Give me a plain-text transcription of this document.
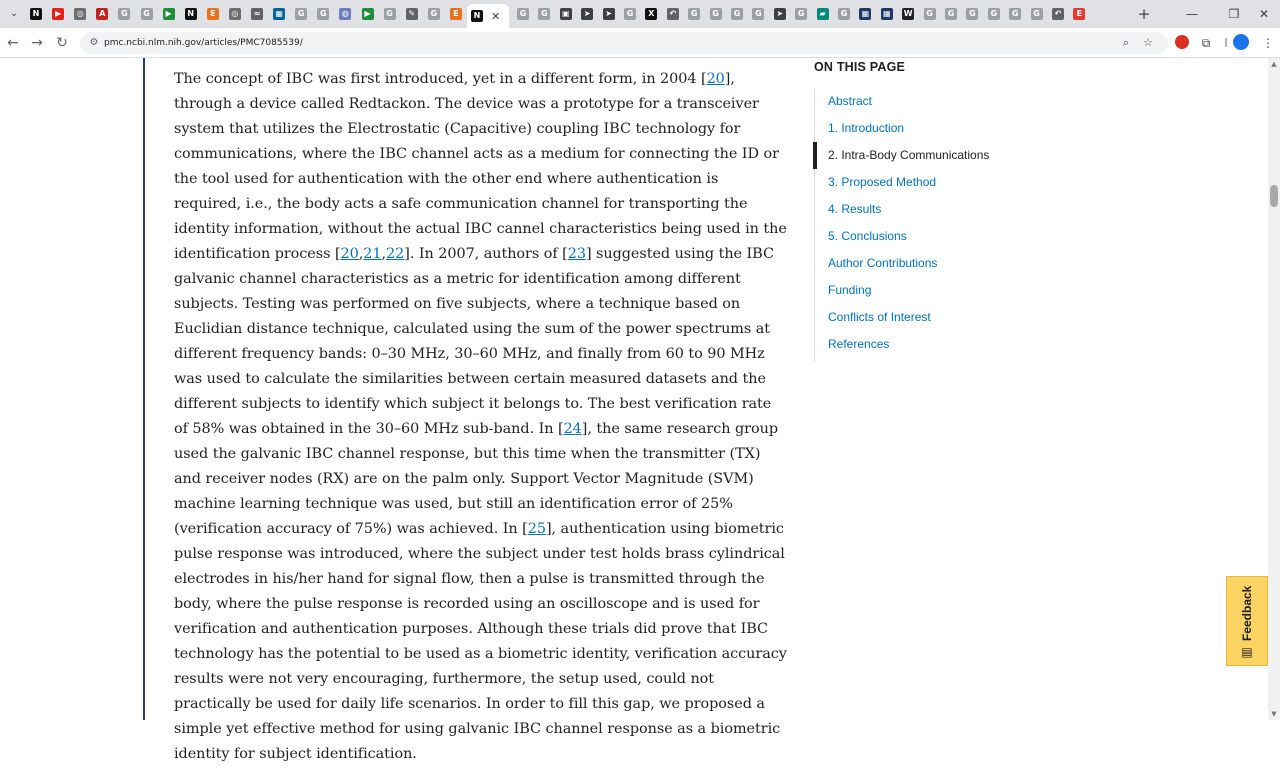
⌄	N	▶	◎	A	G	G	▶	N	E	◎	≈	▦	G	G	◍	▶	G	✎	G	E	N ✕	G	G	▣	➤	➤	G	X	↶	G	G	G	G	➤	G	▰	G	▦ ▦ W	G	G	G	G	G	G	↶	E	+	—	❐	✕
← → ↻	⚙ pmc.ncbi.nlm.nih.gov/articles/PMC7085539/	⌕	☆	⧉	|	⋮

The concept of IBC was first introduced, yet in a different form, in 2004 [20], through a device called Redtackon. The device was a prototype for a transceiver system that utilizes the Electrostatic (Capacitive) coupling IBC technology for communications, where the IBC channel acts as a medium for connecting the ID or the tool used for authentication with the other end where authentication is required, i.e., the body acts a safe communication channel for transporting the identity information, without the actual IBC cannel characteristics being used in the identification process [20,21,22]. In 2007, authors of [23] suggested using the IBC galvanic channel characteristics as a metric for identification among different subjects. Testing was performed on five subjects, where a technique based on Euclidian distance technique, calculated using the sum of the power spectrums at different frequency bands: 0–30 MHz, 30–60 MHz, and finally from 60 to 90 MHz was used to calculate the similarities between certain measured datasets and the different subjects to identify which subject it belongs to. The best verification rate of 58% was obtained in the 30–60 MHz sub-band. In [24], the same research group used the galvanic IBC channel response, but this time when the transmitter (TX) and receiver nodes (RX) are on the palm only. Support Vector Magnitude (SVM) machine learning technique was used, but still an identification error of 25% (verification accuracy of 75%) was achieved. In [25], authentication using biometric pulse response was introduced, where the subject under test holds brass cylindrical electrodes in his/her hand for signal flow, then a pulse is transmitted through the body, where the pulse response is recorded using an oscilloscope and is used for verification and authentication purposes. Although these trials did prove that IBC technology has the potential to be used as a biometric identity, verification accuracy results were not very encouraging, furthermore, the setup used, could not practically be used for daily life scenarios. In order to fill this gap, we proposed a simple yet effective method for using galvanic IBC channel response as a biometric identity for subject identification.

ON THIS PAGE
Abstract
1. Introduction
2. Intra-Body Communications
3. Proposed Method
4. Results
5. Conclusions
Author Contributions
Funding
Conflicts of Interest
References
Feedback
▤
▲
▼
